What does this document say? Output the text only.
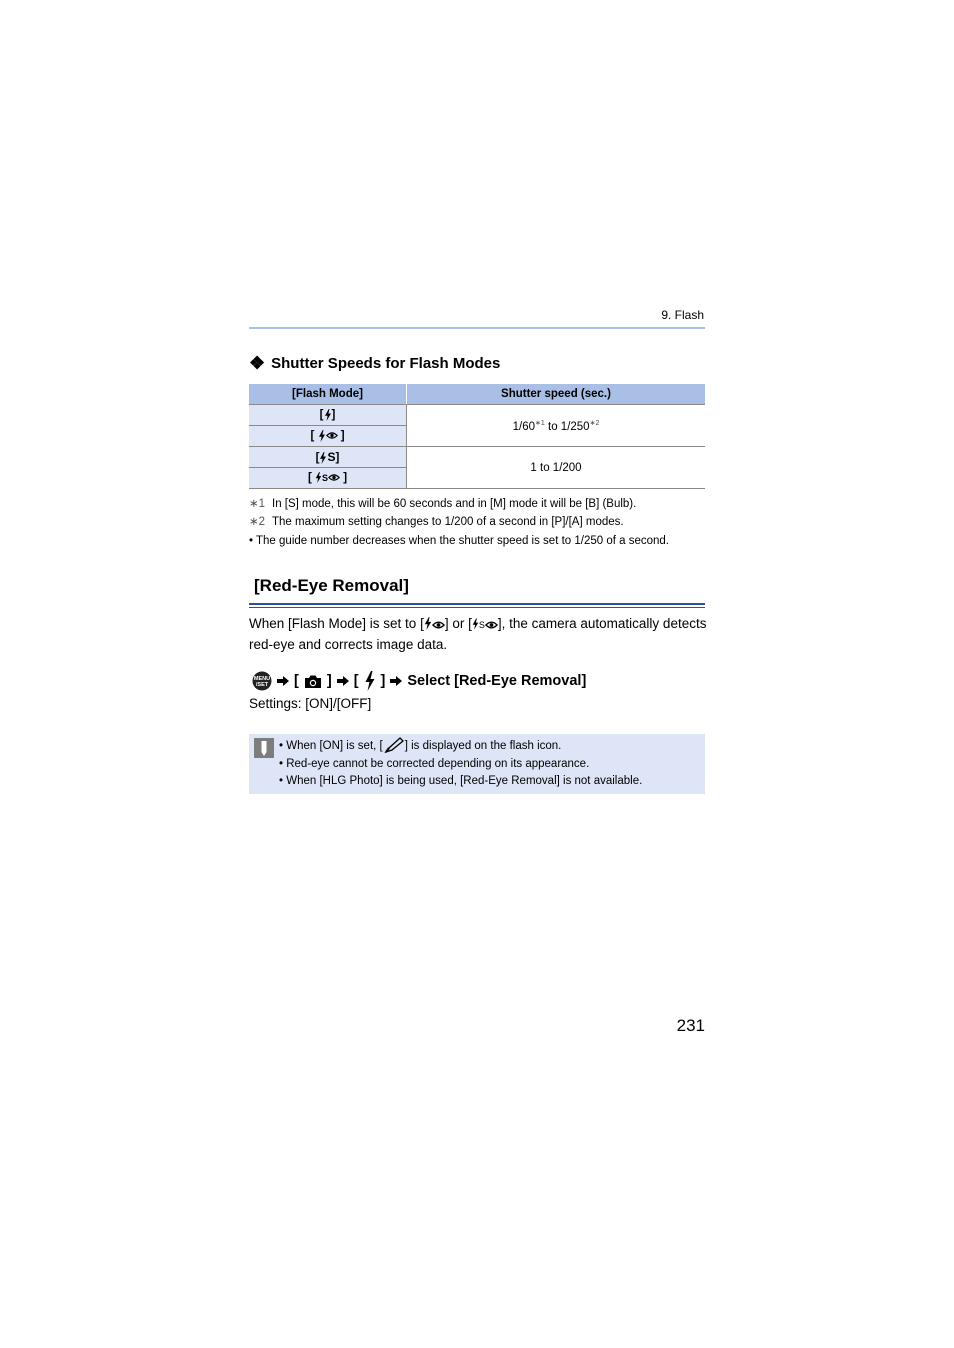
9. Flash
❖ Shutter Speeds for Flash Modes
[Flash Mode]	Shutter speed (sec.)
[ ]	$1/60^{∗1}$ to $1/250^{∗2}$
[  ]	
[ S]	1 to 1/200
[ S ]	
∗1 In [S] mode, this will be 60 seconds and in [M] mode it will be [B] (Bulb).
∗2 The maximum setting changes to 1/200 of a second in [P]/[A] modes.
• The guide number decreases when the shutter speed is set to 1/250 of a second.
[Red-Eye Removal]
When [Flash Mode] is set to [ ] or [ S ], the camera automatically detects red-eye and corrects image data.
MENU
/SET [ ] [ ] Select [Red-Eye Removal]
Settings: [ON]/[OFF]
• When [ON] is set, [ ] is displayed on the flash icon.
• Red-eye cannot be corrected depending on its appearance.
• When [HLG Photo] is being used, [Red-Eye Removal] is not available.
231
